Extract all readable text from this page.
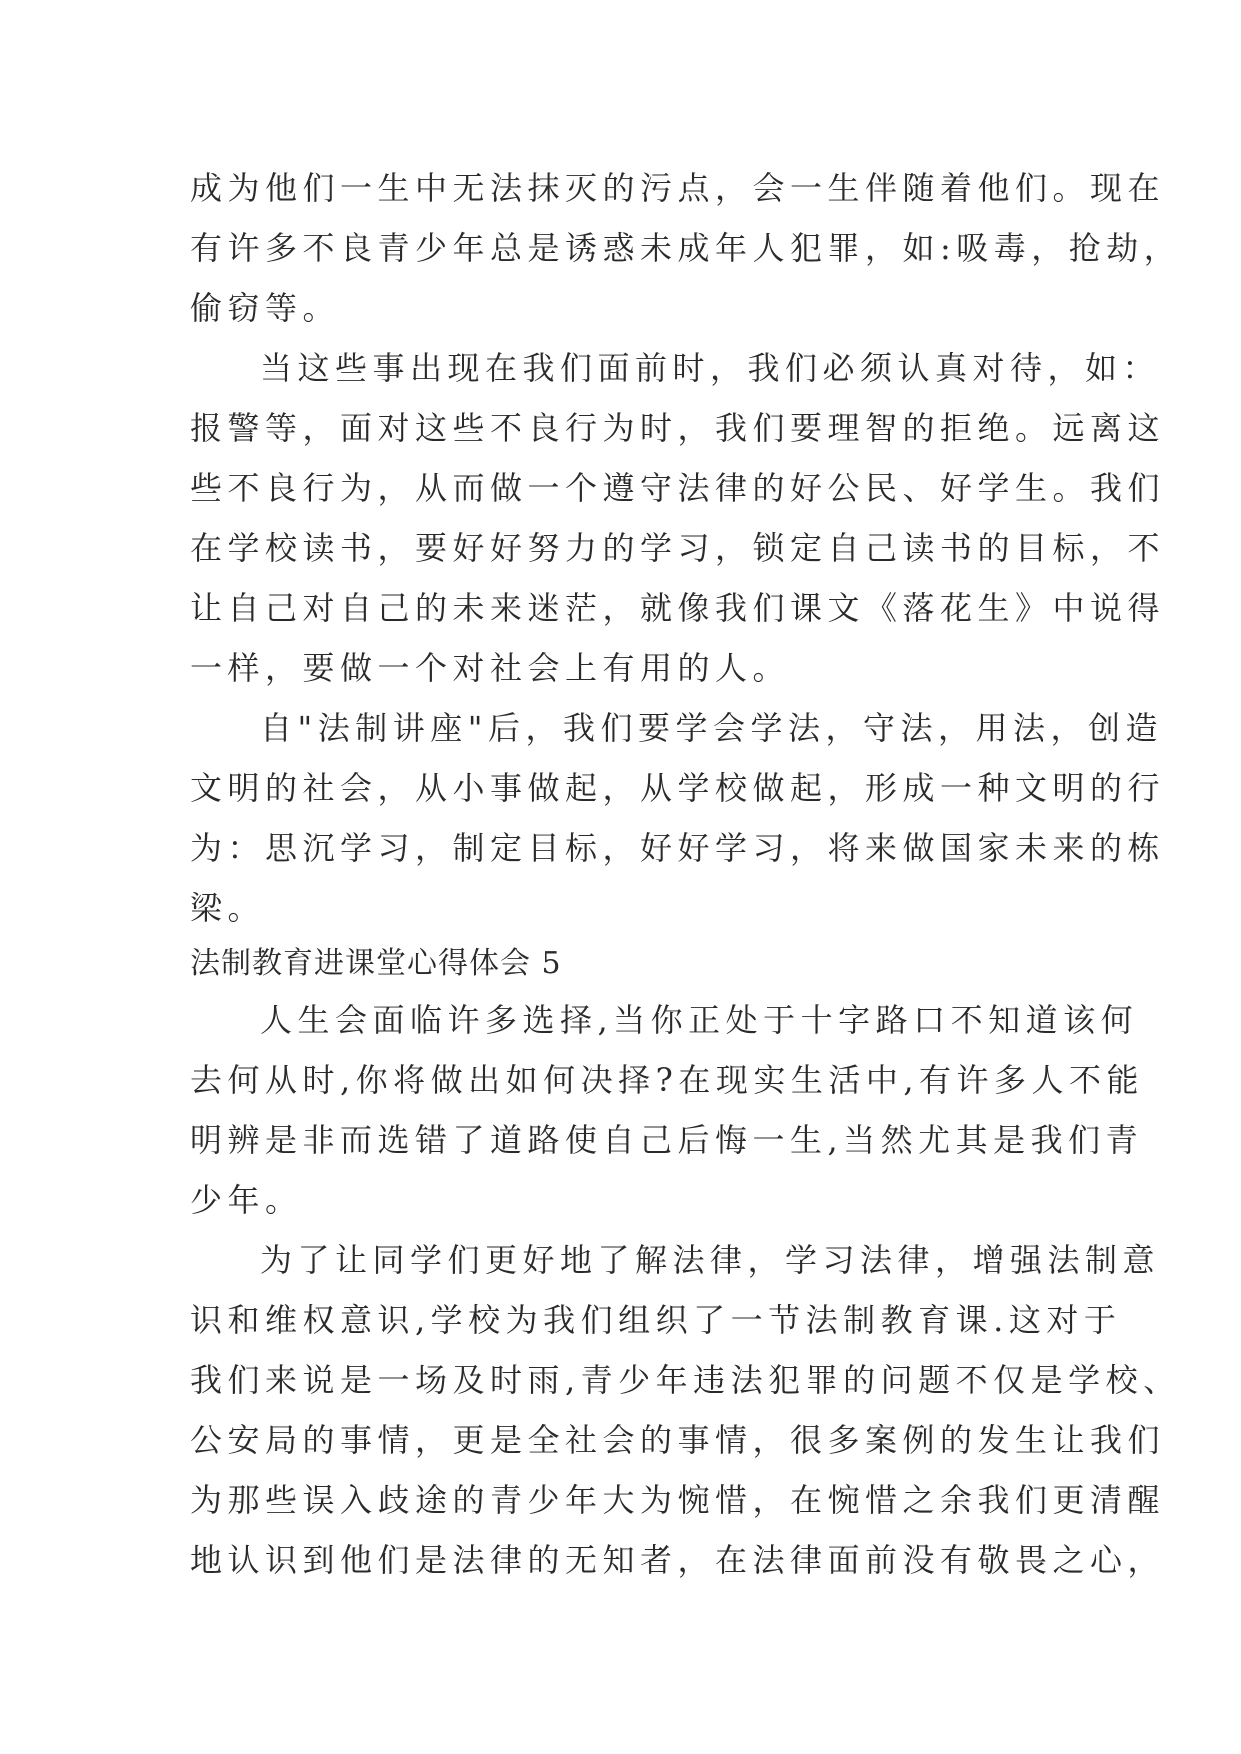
成为他们一生中无法抹灭的污点，会一生伴随着他们。现在
有许多不良青少年总是诱惑未成年人犯罪，如:吸毒，抢劫，
偷窃等。
当这些事出现在我们面前时，我们必须认真对待，如：
报警等，面对这些不良行为时，我们要理智的拒绝。远离这
些不良行为，从而做一个遵守法律的好公民、好学生。我们
在学校读书，要好好努力的学习，锁定自己读书的目标，不
让自己对自己的未来迷茫，就像我们课文《落花生》中说得
一样，要做一个对社会上有用的人。
自"法制讲座"后，我们要学会学法，守法，用法，创造
文明的社会，从小事做起，从学校做起，形成一种文明的行
为：思沉学习，制定目标，好好学习，将来做国家未来的栋
梁。
法制教育进课堂心得体会 5
人生会面临许多选择,当你正处于十字路口不知道该何
去何从时,你将做出如何决择?在现实生活中,有许多人不能
明辨是非而选错了道路使自己后悔一生,当然尤其是我们青
少年。
为了让同学们更好地了解法律，学习法律，增强法制意
识和维权意识,学校为我们组织了一节法制教育课.这对于
我们来说是一场及时雨,青少年违法犯罪的问题不仅是学校、
公安局的事情，更是全社会的事情，很多案例的发生让我们
为那些误入歧途的青少年大为惋惜，在惋惜之余我们更清醒
地认识到他们是法律的无知者，在法律面前没有敬畏之心，
